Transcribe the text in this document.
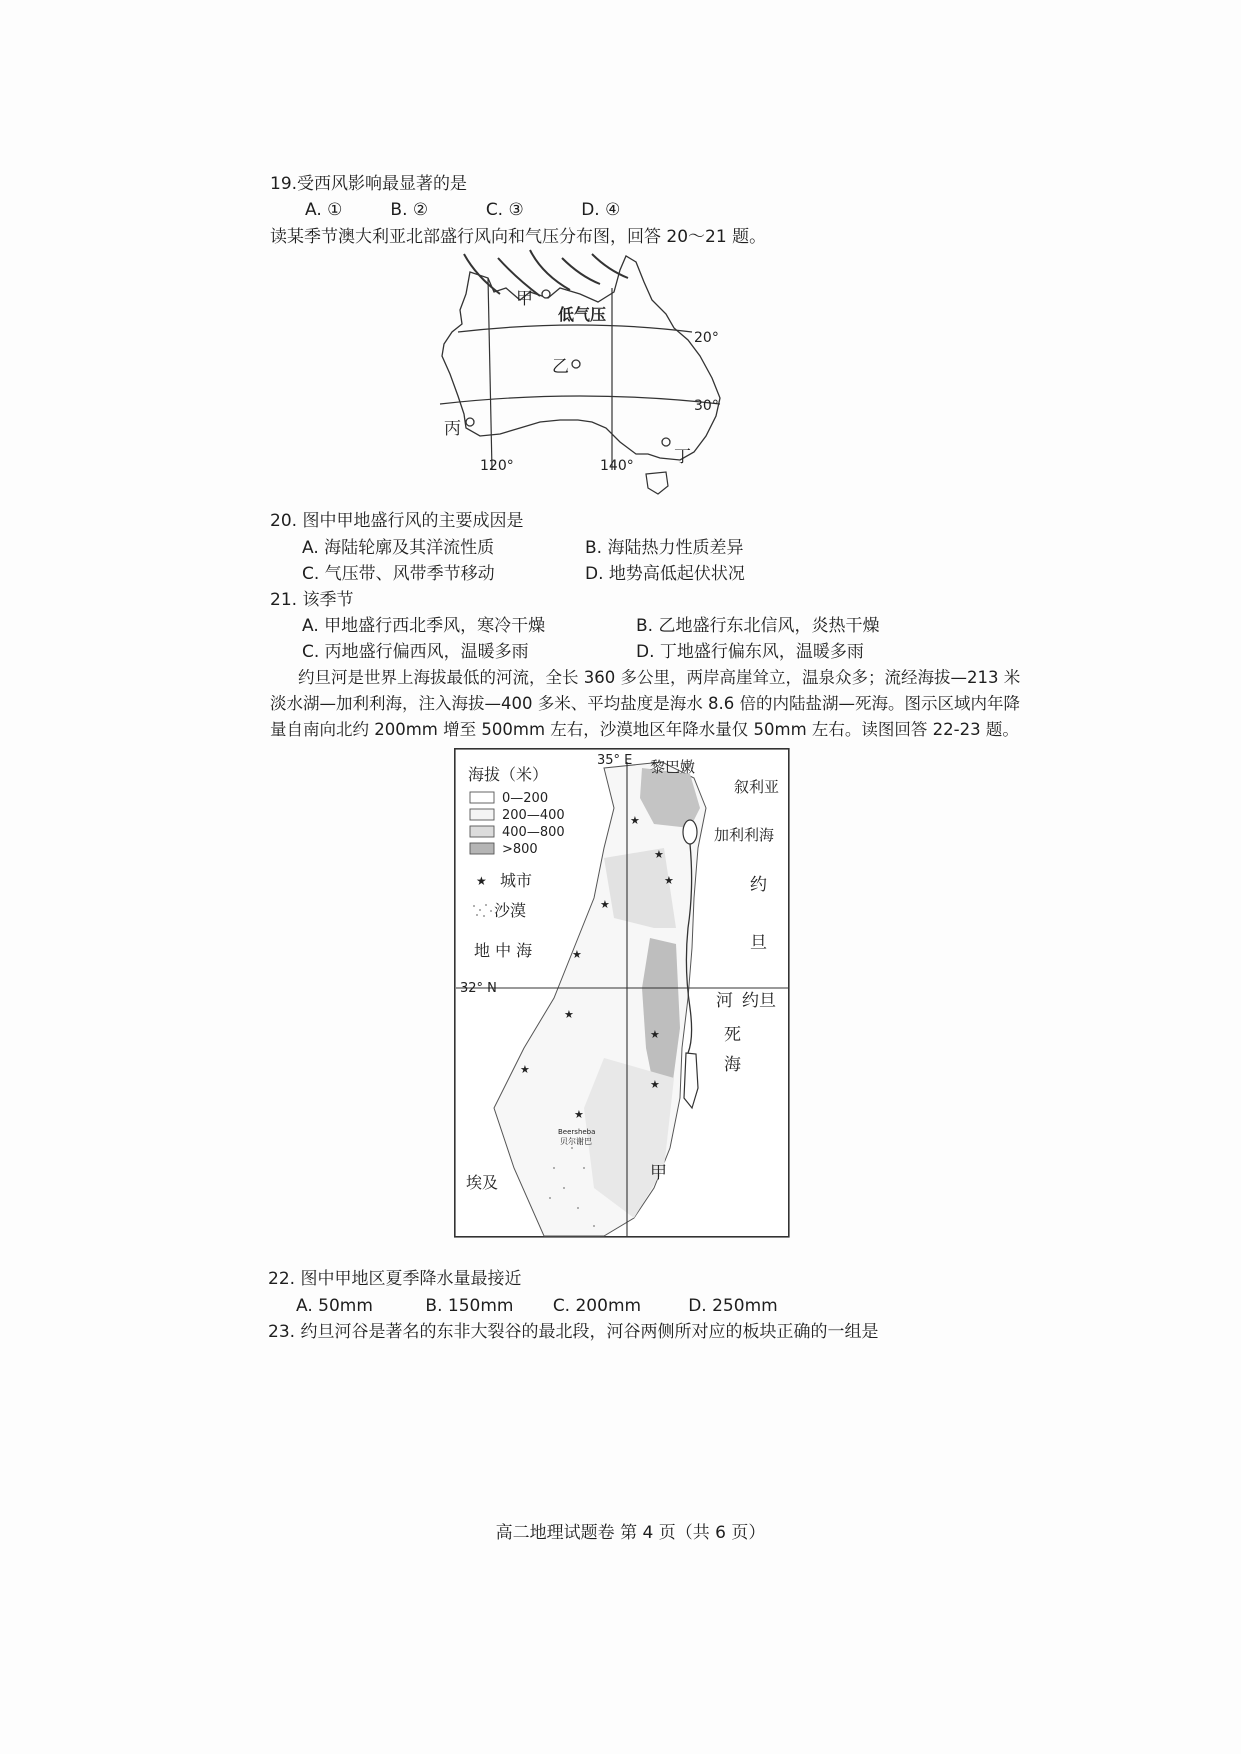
19.受西风影响最显著的是
A. ①	B. ②	C. ③	D. ④
读某季节澳大利亚北部盛行风向和气压分布图，回答 20～21 题。
甲
低气压
乙
丙
丁
20°
30°
120°	140°
20. 图中甲地盛行风的主要成因是
A. 海陆轮廓及其洋流性质	B. 海陆热力性质差异
C. 气压带、风带季节移动	D. 地势高低起伏状况
21. 该季节
A. 甲地盛行西北季风，寒冷干燥	B. 乙地盛行东北信风，炎热干燥
C. 丙地盛行偏西风，温暖多雨	D. 丁地盛行偏东风，温暖多雨
约旦河是世界上海拔最低的河流，全长 360 多公里，两岸高崖耸立，温泉众多；流经海拔—213 米
淡水湖—加利利海，注入海拔—400 多米、平均盐度是海水 8.6 倍的内陆盐湖—死海。图示区域内年降
量自南向北约 200mm 增至 500mm 左右，沙漠地区年降水量仅 50mm 左右。读图回答 22-23 题。
★
★
★
★
★
★
★
★
★
★
海拔（米）
0—200
200—400
400—800
>800
★ 城市
沙漠
35° E
32° N
黎巴嫩
叙利亚
加利利海
约
旦
河 约旦
死
海
地 中 海
埃及	甲
Beersheba
贝尔谢巴
22. 图中甲地区夏季降水量最接近
A. 50mm	B. 150mm C. 200mm	D. 250mm
23. 约旦河谷是著名的东非大裂谷的最北段，河谷两侧所对应的板块正确的一组是
高二地理试题卷 第 4 页（共 6 页）
